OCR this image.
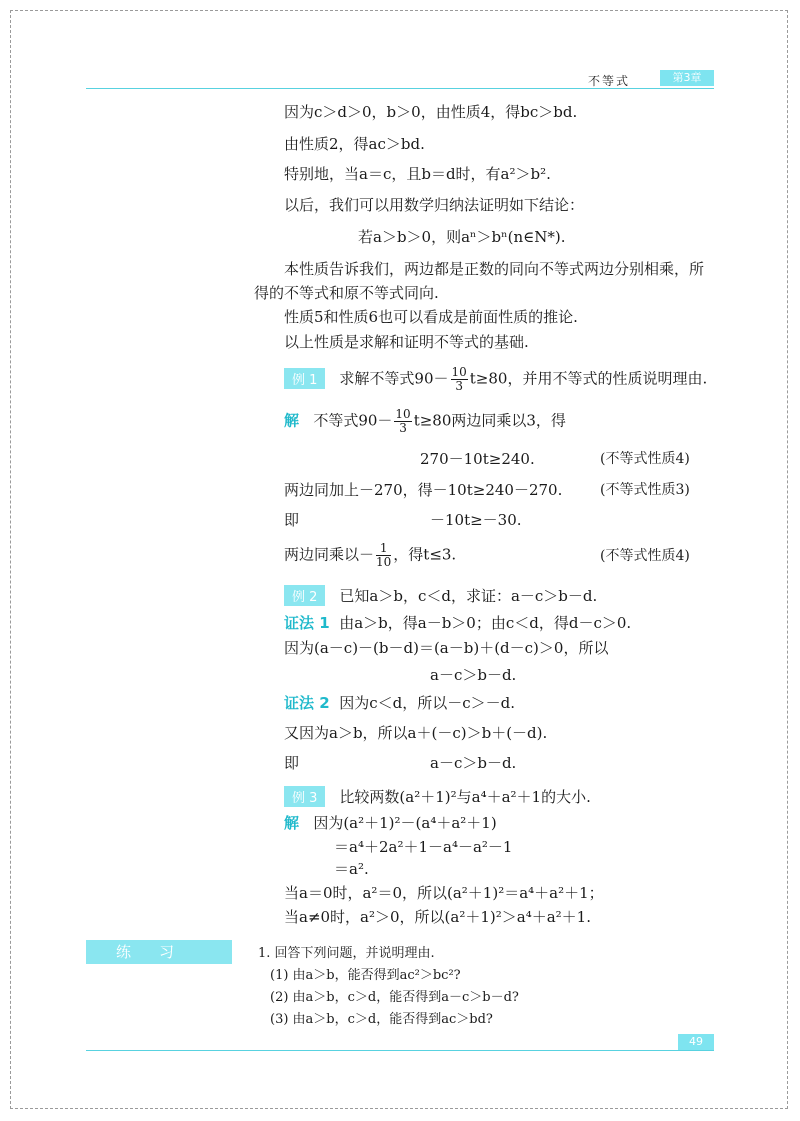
不等式	第3章
因为c＞d＞0，b＞0，由性质4，得bc＞bd.
由性质2，得ac＞bd.
特别地，当a＝c，且b＝d时，有a²＞b².
以后，我们可以用数学归纳法证明如下结论：
若a＞b＞0，则aⁿ＞bⁿ(n∈N*).
本性质告诉我们，两边都是正数的同向不等式两边分别相乘，所
得的不等式和原不等式同向.
性质5和性质6也可以看成是前面性质的推论.
以上性质是求解和证明不等式的基础.
例 1 求解不等式$90- \frac{10}{3} t\ge 80$，并用不等式的性质说明理由.
解 不等式$90- \frac{10}{3} t\ge 80$两边同乘以3，得
270－10t≥240.	(不等式性质4)
两边同加上－270，得－10t≥240－270.	(不等式性质3)
即	－10t≥－30.
两边同乘以－ $\frac{1}{10}$ ，得t≤3.	(不等式性质4)
例 2 已知a＞b，c＜d，求证：a－c＞b－d.
证法 1 由a＞b，得a－b＞0；由c＜d，得d－c＞0.
因为(a－c)－(b－d)＝(a－b)＋(d－c)＞0，所以
a－c＞b－d.
证法 2 因为c＜d，所以－c＞－d.
又因为a＞b，所以a＋(－c)＞b＋(－d).
即	a－c＞b－d.
例 3 比较两数(a²＋1)²与a⁴＋a²＋1的大小.
解 因为(a²＋1)²－(a⁴＋a²＋1)
＝a⁴＋2a²＋1－a⁴－a²－1
＝a².
当a＝0时，a²＝0，所以(a²＋1)²＝a⁴＋a²＋1；
当a≠0时，a²＞0，所以(a²＋1)²＞a⁴＋a²＋1.
练习	1. 回答下列问题，并说明理由.
(1) 由a＞b，能否得到ac²＞bc²?
(2) 由a＞b，c＞d，能否得到a－c＞b－d?
(3) 由a＞b，c＞d，能否得到ac＞bd?
49
